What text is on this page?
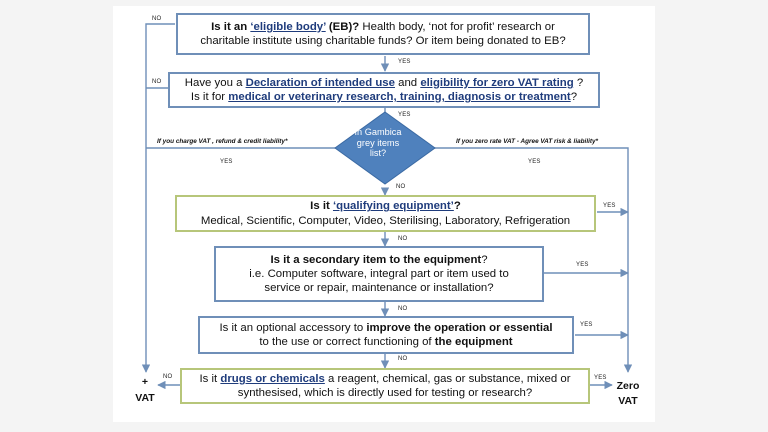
Is it an ‘eligible body’ (EB)? Health body, ‘not for profit’ research or
charitable institute using charitable funds? Or item being donated to EB?
Have you a Declaration of intended use and eligibility for zero VAT rating ?
Is it for medical or veterinary research, training, diagnosis or treatment?
In Gambica
grey items
list?
Is it ‘qualifying equipment’?
Medical, Scientific, Computer, Video, Sterilising, Laboratory, Refrigeration
Is it a secondary item to the equipment?
i.e. Computer software, integral part or item used to
service or repair, maintenance or installation?
Is it an optional accessory to improve the operation or essential
to the use or correct functioning of the equipment
Is it drugs or chemicals a reagent, chemical, gas or substance, mixed or
synthesised, which is directly used for testing or research?
NO
NO
NO
YES
YES
NO
NO
NO
NO
YES	YES
YES
YES
YES
YES
If you charge VAT , refund & credit liability*	If you zero rate VAT - Agree VAT risk & liability*
+
VAT
Zero
VAT
